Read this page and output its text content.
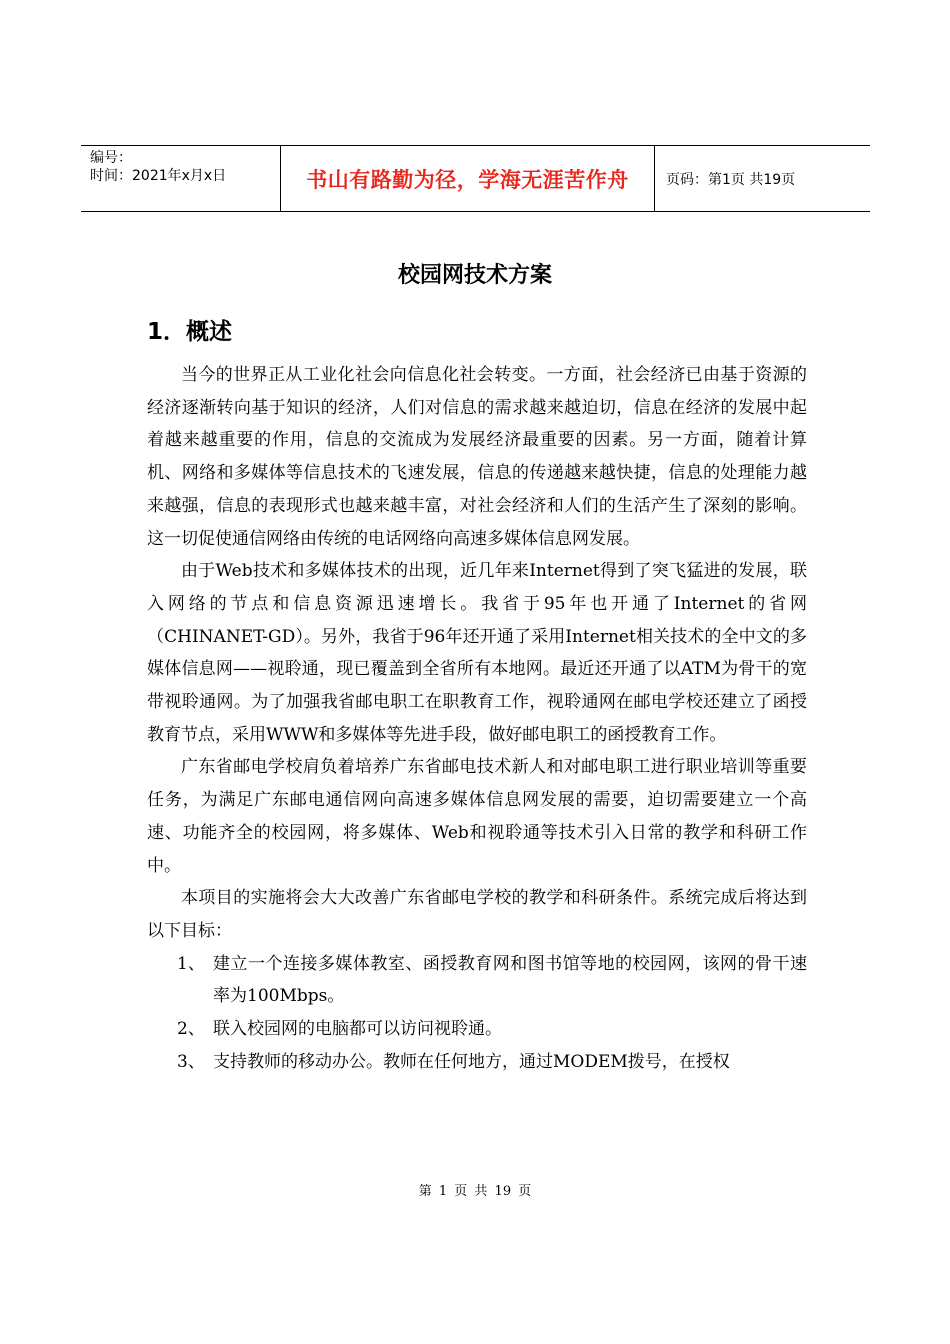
编号：
时间：2021年x月x日	书山有路勤为径，学海无涯苦作舟	页码：第1页 共19页
校园网技术方案
1．概述

当今的世界正从工业化社会向信息化社会转变。一方面，社会经济已由基于资源的经济逐渐转向基于知识的经济，人们对信息的需求越来越迫切，信息在经济的发展中起着越来越重要的作用，信息的交流成为发展经济最重要的因素。另一方面，随着计算机、网络和多媒体等信息技术的飞速发展，信息的传递越来越快捷，信息的处理能力越来越强，信息的表现形式也越来越丰富，对社会经济和人们的生活产生了深刻的影响。这一切促使通信网络由传统的电话网络向高速多媒体信息网发展。

由于Web技术和多媒体技术的出现，近几年来Internet得到了突飞猛进的发展，联入网络的节点和信息资源迅速增长。我省于95年也开通了Internet的省网（CHINANET-GD）。另外，我省于96年还开通了采用Internet相关技术的全中文的多媒体信息网——视聆通，现已覆盖到全省所有本地网。最近还开通了以ATM为骨干的宽带视聆通网。为了加强我省邮电职工在职教育工作，视聆通网在邮电学校还建立了函授教育节点，采用WWW和多媒体等先进手段，做好邮电职工的函授教育工作。

广东省邮电学校肩负着培养广东省邮电技术新人和对邮电职工进行职业培训等重要任务，为满足广东邮电通信网向高速多媒体信息网发展的需要，迫切需要建立一个高速、功能齐全的校园网，将多媒体、Web和视聆通等技术引入日常的教学和科研工作中。

本项目的实施将会大大改善广东省邮电学校的教学和科研条件。系统完成后将达到以下目标：

1、 建立一个连接多媒体教室、函授教育网和图书馆等地的校园网，该网的骨干速率为100Mbps。
2、 联入校园网的电脑都可以访问视聆通。
3、 支持教师的移动办公。教师在任何地方，通过MODEM拨号，在授权
第 1 页 共 19 页
